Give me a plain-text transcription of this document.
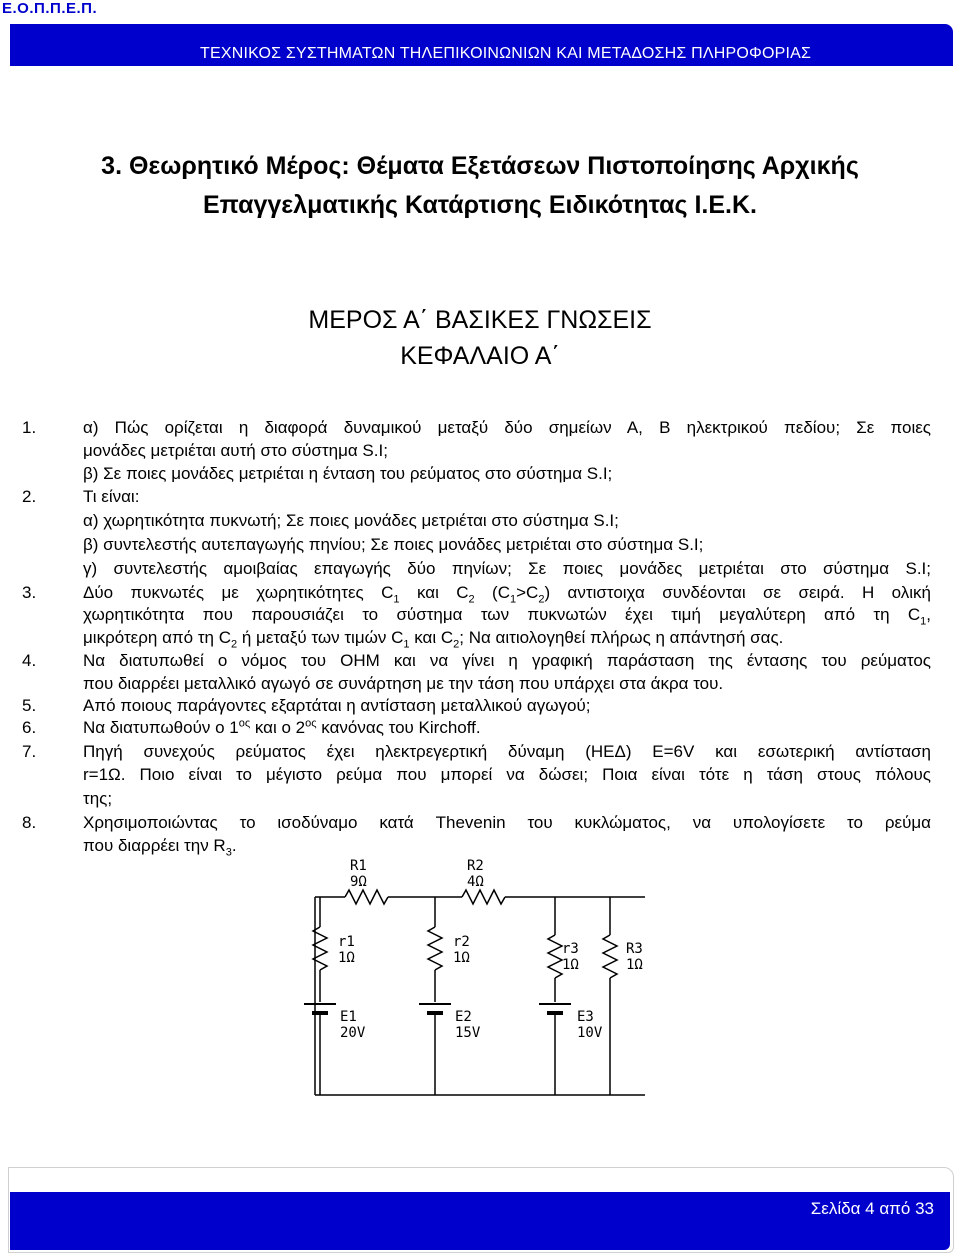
Ε.Ο.Π.Π.Ε.Π.
ΤΕΧΝΙΚΟΣ ΣΥΣΤΗΜΑΤΩΝ ΤΗΛΕΠΙΚΟΙΝΩΝΙΩΝ ΚΑΙ ΜΕΤΑΔΟΣΗΣ ΠΛΗΡΟΦΟΡΙΑΣ
3. Θεωρητικό Μέρος: Θέματα Εξετάσεων Πιστοποίησης Αρχικής
Επαγγελματικής Κατάρτισης Ειδικότητας Ι.Ε.Κ.
ΜΕΡΟΣ Α΄ ΒΑΣΙΚΕΣ ΓΝΩΣΕΙΣ
ΚΕΦΑΛΑΙΟ Α΄
1.	α) Πώς ορίζεται η διαφορά δυναμικού μεταξύ δύο σημείων Α, Β ηλεκτρικού πεδίου; Σε ποιες
μονάδες μετριέται αυτή στο σύστημα S.I;
β) Σε ποιες μονάδες μετριέται η ένταση του ρεύματος στο σύστημα S.I;
2.	Τι είναι:
α) χωρητικότητα πυκνωτή; Σε ποιες μονάδες μετριέται στο σύστημα S.I;
β) συντελεστής αυτεπαγωγής πηνίου; Σε ποιες μονάδες μετριέται στο σύστημα S.I;
γ) συντελεστής αμοιβαίας επαγωγής δύο πηνίων; Σε ποιες μονάδες μετριέται στο σύστημα S.I;
3.	Δύο πυκνωτές με χωρητικότητες $C_1$ και $C_2$ $(C_1>C_2)$ αντιστοιχα συνδέονται σε σειρά. Η ολική
χωρητικότητα που παρουσιάζει το σύστημα των πυκνωτών έχει τιμή μεγαλύτερη από τη $C_1$,
μικρότερη από τη $C_2$ ή μεταξύ των τιμών $C_1$ και $C_2$; Να αιτιολογηθεί πλήρως η απάντησή σας.
4.	Να διατυπωθεί ο νόμος του ΟΗΜ και να γίνει η γραφική παράσταση της έντασης του ρεύματος
που διαρρέει μεταλλικό αγωγό σε συνάρτηση με την τάση που υπάρχει στα άκρα του.
5.	Από ποιους παράγοντες εξαρτάται η αντίσταση μεταλλικού αγωγού;
6.	Να διατυπωθούν ο $1^{o\varsigma}$ και ο $2^{o\varsigma}$ κανόνας του Kirchoff.
7.	Πηγή συνεχούς ρεύματος έχει ηλεκτρεγερτική δύναμη (ΗΕΔ) Ε=6V και εσωτερική αντίσταση
r=1Ω. Ποιο είναι το μέγιστο ρεύμα που μπορεί να δώσει; Ποια είναι τότε η τάση στους πόλους
της;
8.	Χρησιμοποιώντας το ισοδύναμο κατά Thevenin του κυκλώματος, να υπολογίσετε το ρεύμα
που διαρρέει την $R_3$.
R1
9Ω
R2
4Ω
r1
1Ω
r2
1Ω
r3
1Ω
R3
1Ω
E1
20V
E2
15V
E3
10V
Σελίδα 4 από 33
